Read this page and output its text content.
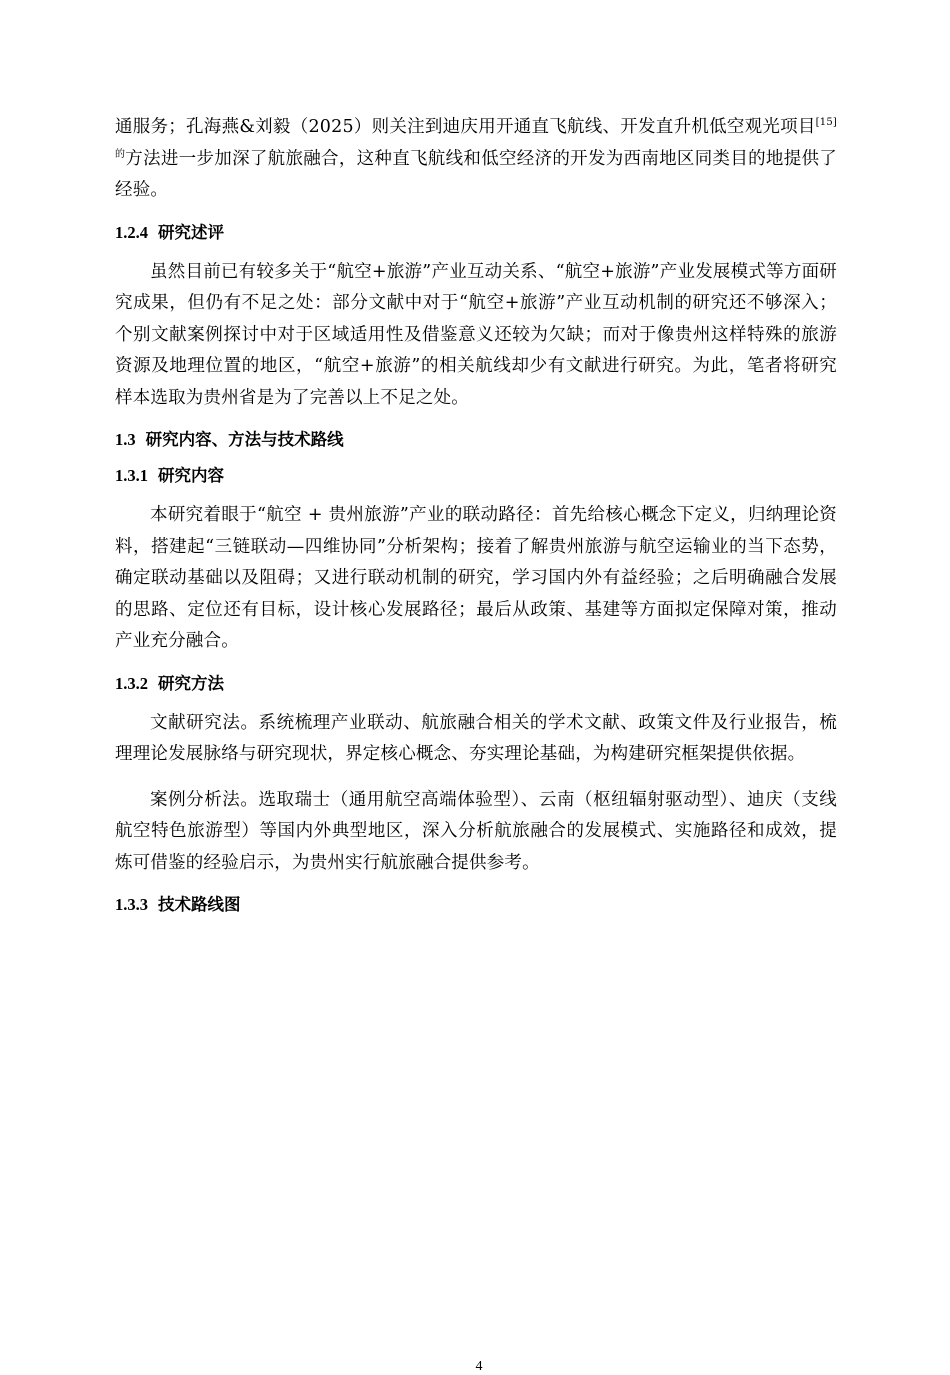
通服务；孔海燕&刘毅（2025）则关注到迪庆用开通直飞航线、开发直升机低空观光项目$^{[15]的}$方法进一步加深了航旅融合，这种直飞航线和低空经济的开发为西南地区同类目的地提供了经验。

1.2.4 研究述评

虽然目前已有较多关于“航空+旅游”产业互动关系、“航空+旅游”产业发展模式等方面研究成果，但仍有不足之处：部分文献中对于“航空+旅游”产业互动机制的研究还不够深入；个别文献案例探讨中对于区域适用性及借鉴意义还较为欠缺；而对于像贵州这样特殊的旅游资源及地理位置的地区，“航空+旅游”的相关航线却少有文献进行研究。为此，笔者将研究样本选取为贵州省是为了完善以上不足之处。

1.3 研究内容、方法与技术路线
1.3.1 研究内容

本研究着眼于“航空 + 贵州旅游”产业的联动路径：首先给核心概念下定义，归纳理论资料，搭建起“三链联动—四维协同”分析架构；接着了解贵州旅游与航空运输业的当下态势，确定联动基础以及阻碍；又进行联动机制的研究，学习国内外有益经验；之后明确融合发展的思路、定位还有目标，设计核心发展路径；最后从政策、基建等方面拟定保障对策，推动产业充分融合。

1.3.2 研究方法

文献研究法。系统梳理产业联动、航旅融合相关的学术文献、政策文件及行业报告，梳理理论发展脉络与研究现状，界定核心概念、夯实理论基础，为构建研究框架提供依据。

案例分析法。选取瑞士（通用航空高端体验型）、云南（枢纽辐射驱动型）、迪庆（支线航空特色旅游型）等国内外典型地区，深入分析航旅融合的发展模式、实施路径和成效，提炼可借鉴的经验启示，为贵州实行航旅融合提供参考。

1.3.3 技术路线图
4
